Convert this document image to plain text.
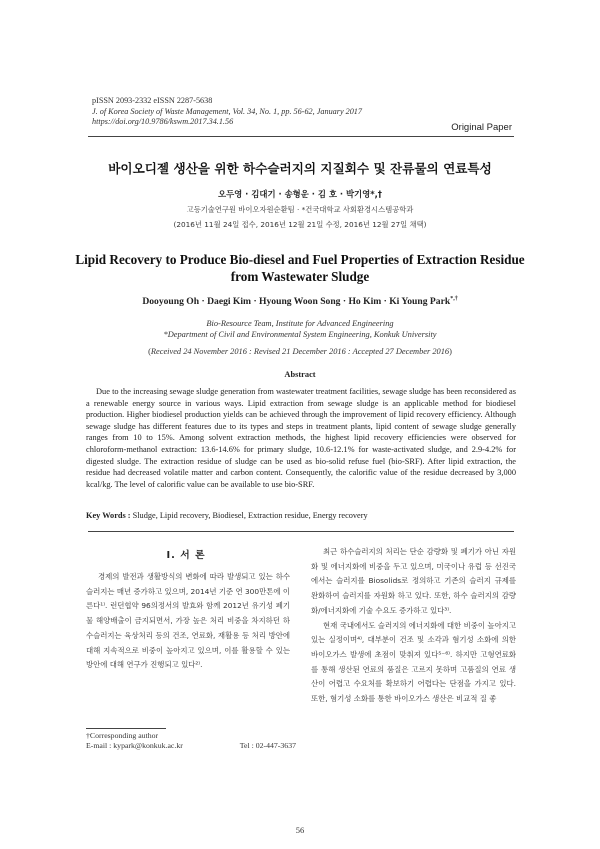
pISSN 2093-2332 eISSN 2287-5638
J. of Korea Society of Waste Management, Vol. 34, No. 1, pp. 56-62, January 2017
https://doi.org/10.9786/kswm.2017.34.1.56
Original Paper
바이오디젤 생산을 위한 하수슬러지의 지질회수 및 잔류물의 연료특성
오두영 · 김대기 · 송형운 · 김 호 · 박기영*,†
고등기술연구원 바이오자원순환팀 · *건국대학교 사회환경시스템공학과
(2016년 11월 24일 접수, 2016년 12월 21일 수정, 2016년 12월 27일 채택)
Lipid Recovery to Produce Bio-diesel and Fuel Properties of Extraction Residue from Wastewater Sludge
Dooyoung Oh · Daegi Kim · Hyoung Woon Song · Ho Kim · Ki Young Park*,†
Bio-Resource Team, Institute for Advanced Engineering
*Department of Civil and Environmental System Engineering, Konkuk University
(Received 24 November 2016 : Revised 21 December 2016 : Accepted 27 December 2016)
Abstract

Due to the increasing sewage sludge generation from wastewater treatment facilities, sewage sludge has been reconsidered as a renewable energy source in various ways. Lipid extraction from sewage sludge is an applicable method for biodiesel production. Higher biodiesel production yields can be achieved through the improvement of lipid recovery efficiency. Although sewage sludge has different features due to its types and steps in treatment plants, lipid content of sewage sludge generally ranges from 10 to 15%. Among solvent extraction methods, the highest lipid recovery efficiencies were observed for chloroform-methanol extraction: 13.6-14.6% for primary sludge, 10.6-12.1% for waste-activated sludge, and 2.9-4.2% for digested sludge. The extraction residue of sludge can be used as bio-solid refuse fuel (bio-SRF). After lipid extraction, the residue had decreased volatile matter and carbon content. Consequently, the calorific value of the residue decreased by 3,000 kcal/kg. The level of calorific value can be available to use bio-SRF.

Key Words : Sludge, Lipid recovery, Biodiesel, Extraction residue, Energy recovery
I. 서 론

경제의 발전과 생활방식의 변화에 따라 발생되고 있는 하수 슬러지는 매년 증가하고 있으며, 2014년 기준 연 300만톤에 이른다¹⁾. 런던협약 96의정서의 발효와 함께 2012년 유기성 폐기물 해양배출이 금지되면서, 가장 높은 처리 비중을 차지하던 하수슬러지는 육상처리 등의 건조, 연료화, 재활용 등 처리 방안에 대해 지속적으로 비중이 높아지고 있으며, 이를 활용할 수 있는 방안에 대해 연구가 진행되고 있다²⁾.

최근 하수슬러지의 처리는 단순 감량화 및 폐기가 아닌 자원화 및 에너지화에 비중을 두고 있으며, 미국이나 유럽 등 선진국에서는 슬러지를 Biosolids로 정의하고 기존의 슬러지 규제를 완화하여 슬러지를 자원화 하고 있다. 또한, 하수 슬러지의 감량화/에너지화에 기술 수요도 증가하고 있다³⁾.

현재 국내에서도 슬러지의 에너지화에 대한 비중이 높아지고 있는 실정이며⁴⁾, 대부분이 건조 및 소각과 혐기성 소화에 의한 바이오가스 발생에 초점이 맞춰져 있다⁵⁻⁶⁾. 하지만 고형연료화를 통해 생산된 연료의 품질은 고르지 못하며 고품질의 연료 생산이 어렵고 수요처를 확보하기 어렵다는 단점을 가지고 있다. 또한, 혐기성 소화를 통한 바이오가스 생산은 비교적 질 좋

†Corresponding author
E-mail : kypark@konkuk.ac.kr	Tel : 02-447-3637
56
